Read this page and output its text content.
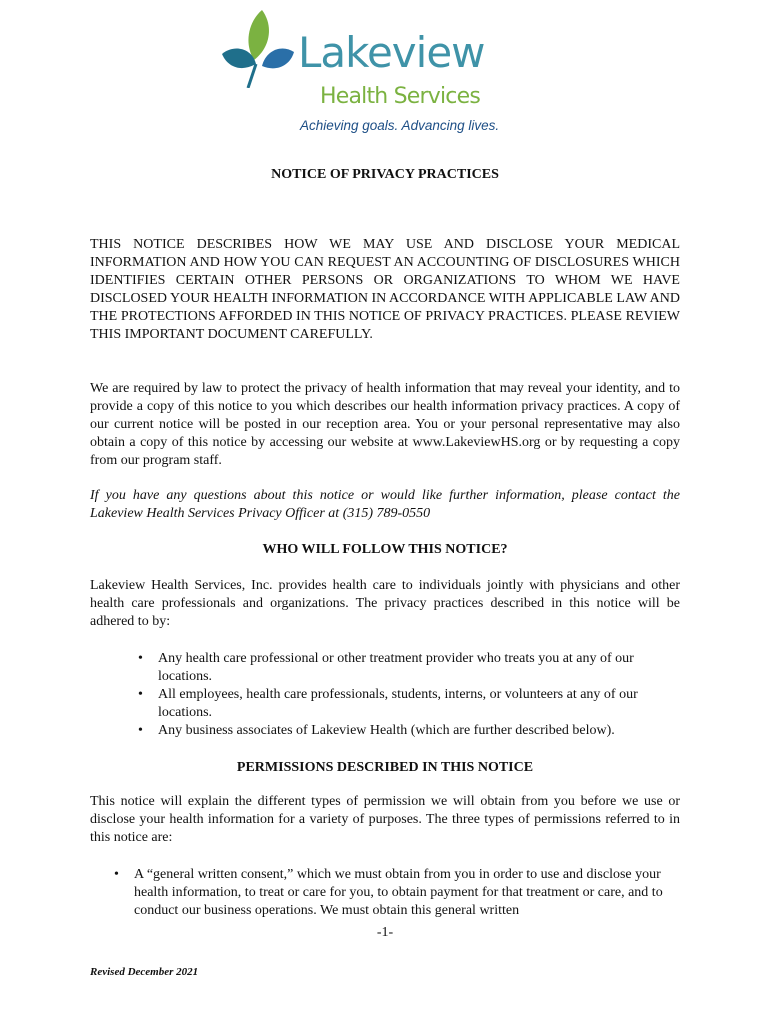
Lakeview
Health Services
Achieving goals. Advancing lives.
NOTICE OF PRIVACY PRACTICES
THIS NOTICE DESCRIBES HOW WE MAY USE AND DISCLOSE YOUR MEDICAL INFORMATION AND HOW YOU CAN REQUEST AN ACCOUNTING OF DISCLOSURES WHICH IDENTIFIES CERTAIN OTHER PERSONS OR ORGANIZATIONS TO WHOM WE HAVE DISCLOSED YOUR HEALTH INFORMATION IN ACCORDANCE WITH APPLICABLE LAW AND THE PROTECTIONS AFFORDED IN THIS NOTICE OF PRIVACY PRACTICES. PLEASE REVIEW THIS IMPORTANT DOCUMENT CAREFULLY.
We are required by law to protect the privacy of health information that may reveal your identity, and to provide a copy of this notice to you which describes our health information privacy practices. A copy of our current notice will be posted in our reception area. You or your personal representative may also obtain a copy of this notice by accessing our website at www.LakeviewHS.org or by requesting a copy from our program staff.
If you have any questions about this notice or would like further information, please contact the Lakeview Health Services Privacy Officer at (315) 789-0550
WHO WILL FOLLOW THIS NOTICE?
Lakeview Health Services, Inc. provides health care to individuals jointly with physicians and other health care professionals and organizations. The privacy practices described in this notice will be adhered to by:
• Any health care professional or other treatment provider who treats you at any of our locations.
• All employees, health care professionals, students, interns, or volunteers at any of our locations.
• Any business associates of Lakeview Health (which are further described below).
PERMISSIONS DESCRIBED IN THIS NOTICE
This notice will explain the different types of permission we will obtain from you before we use or disclose your health information for a variety of purposes. The three types of permissions referred to in this notice are:
• A “general written consent,” which we must obtain from you in order to use and disclose your health information, to treat or care for you, to obtain payment for that treatment or care, and to conduct our business operations. We must obtain this general written
-1-
Revised December 2021
